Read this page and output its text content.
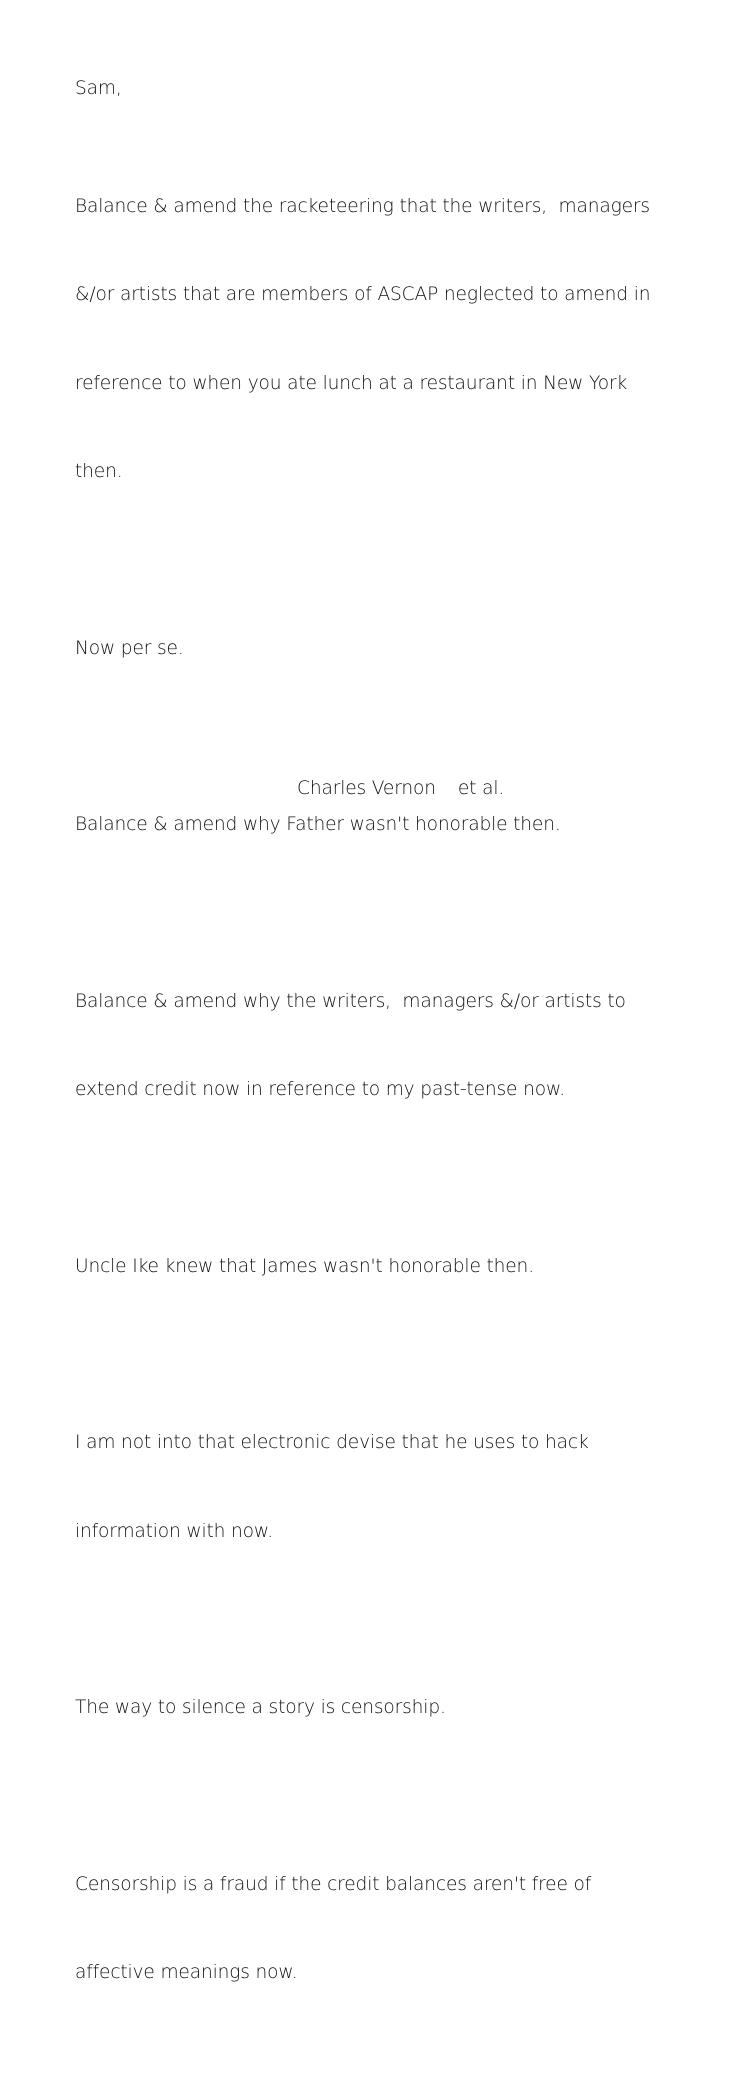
Sam,

Balance & amend the racketeering that the writers,  managers

&/or artists that are members of ASCAP neglected to amend in

reference to when you ate lunch at a restaurant in New York

then.

Now per se.

Balance & amend why Father wasn't honorable then.

Balance & amend why the writers,  managers &/or artists to

extend credit now in reference to my past-tense now.

Uncle Ike knew that James wasn't honorable then.

I am not into that electronic devise that he uses to hack

information with now.

The way to silence a story is censorship.

Censorship is a fraud if the credit balances aren't free of

affective meanings now.

Charles Vernon et al.
